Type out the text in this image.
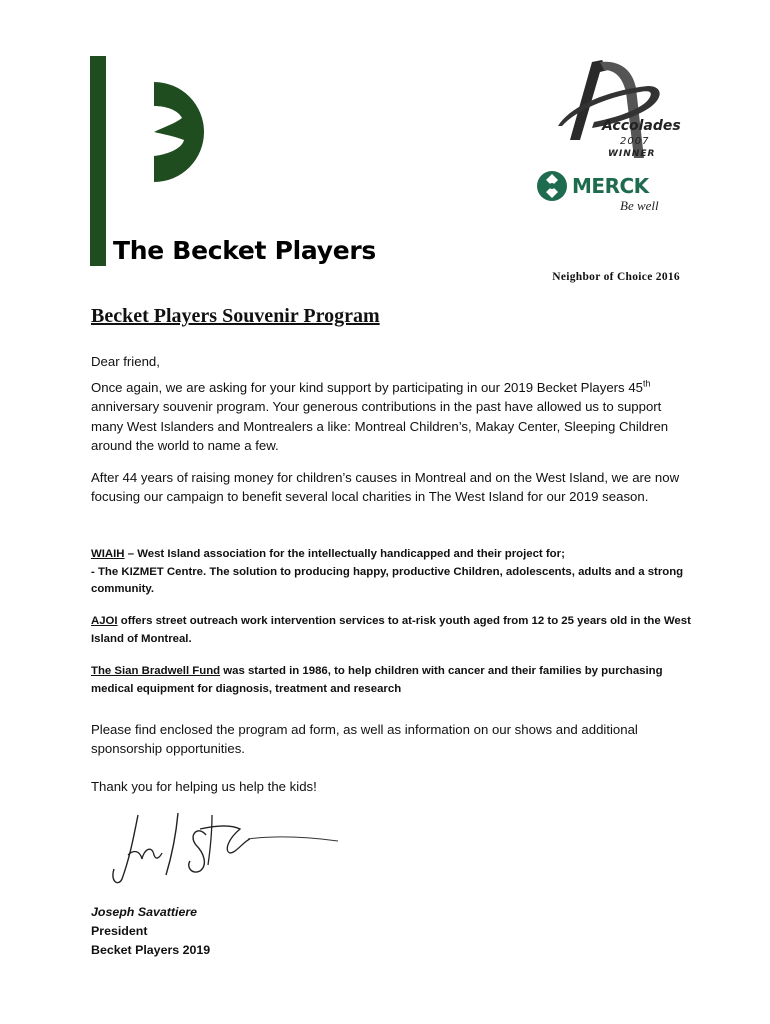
The Becket Players
Accolades
2007
WINNER
MERCK
Be well
Neighbor of Choice 2016
Becket Players Souvenir Program

Dear friend,

Once again, we are asking for your kind support by participating in our 2019 Becket Players 45th anniversary souvenir program. Your generous contributions in the past have allowed us to support many West Islanders and Montrealers a like: Montreal Children’s, Makay Center, Sleeping Children around the world to name a few.

After 44 years of raising money for children’s causes in Montreal and on the West Island, we are now focusing our campaign to benefit several local charities in The West Island for our 2019 season.

WIAIH – West Island association for the intellectually handicapped and their project for;
- The KIZMET Centre. The solution to producing happy, productive Children, adolescents, adults and a strong community.

AJOI offers street outreach work intervention services to at-risk youth aged from 12 to 25 years old in the West Island of Montreal.

The Sian Bradwell Fund was started in 1986, to help children with cancer and their families by purchasing medical equipment for diagnosis, treatment and research

Please find enclosed the program ad form, as well as information on our shows and additional sponsorship opportunities.

Thank you for helping us help the kids!

Joseph Savattiere
President
Becket Players 2019
